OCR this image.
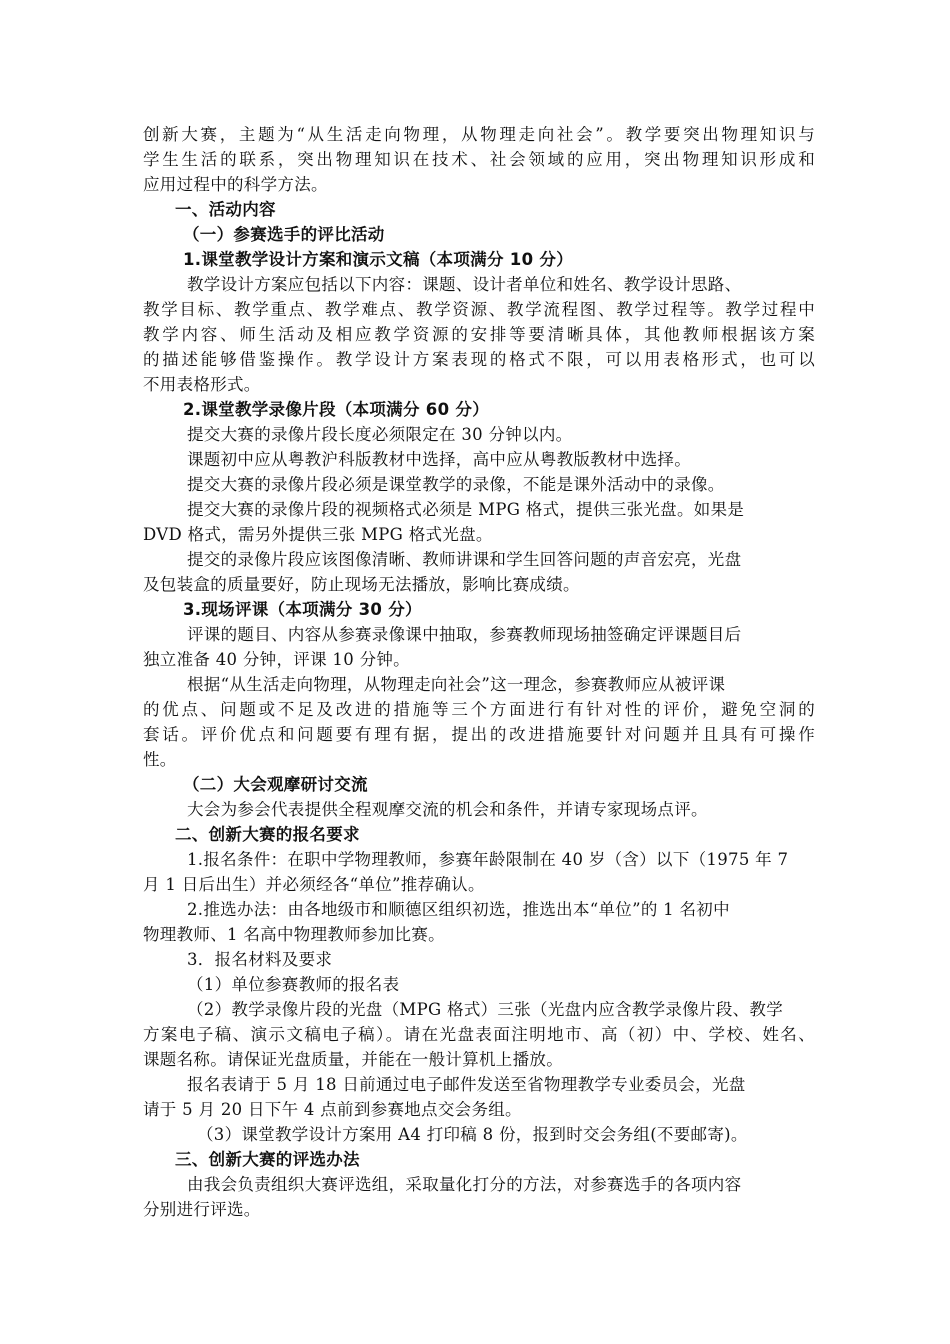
创新大赛，主题为“从生活走向物理，从物理走向社会”。教学要突出物理知识与

学生生活的联系，突出物理知识在技术、社会领域的应用，突出物理知识形成和

应用过程中的科学方法。

一、活动内容

（一）参赛选手的评比活动

1.课堂教学设计方案和演示文稿（本项满分 10 分）

教学设计方案应包括以下内容：课题、设计者单位和姓名、教学设计思路、

教学目标、教学重点、教学难点、教学资源、教学流程图、教学过程等。教学过程中

教学内容、师生活动及相应教学资源的安排等要清晰具体，其他教师根据该方案

的描述能够借鉴操作。教学设计方案表现的格式不限，可以用表格形式，也可以

不用表格形式。

2.课堂教学录像片段（本项满分 60 分）

提交大赛的录像片段长度必须限定在 30 分钟以内。

课题初中应从粤教沪科版教材中选择，高中应从粤教版教材中选择。

提交大赛的录像片段必须是课堂教学的录像，不能是课外活动中的录像。

提交大赛的录像片段的视频格式必须是 MPG 格式，提供三张光盘。如果是

DVD 格式，需另外提供三张 MPG 格式光盘。

提交的录像片段应该图像清晰、教师讲课和学生回答问题的声音宏亮，光盘

及包装盒的质量要好，防止现场无法播放，影响比赛成绩。

3.现场评课（本项满分 30 分）

评课的题目、内容从参赛录像课中抽取，参赛教师现场抽签确定评课题目后

独立准备 40 分钟，评课 10 分钟。

根据“从生活走向物理，从物理走向社会”这一理念，参赛教师应从被评课

的优点、问题或不足及改进的措施等三个方面进行有针对性的评价，避免空洞的

套话。评价优点和问题要有理有据，提出的改进措施要针对问题并且具有可操作

性。

（二）大会观摩研讨交流

大会为参会代表提供全程观摩交流的机会和条件，并请专家现场点评。

二、创新大赛的报名要求

1.报名条件：在职中学物理教师，参赛年龄限制在 40 岁（含）以下（1975 年 7

月 1 日后出生）并必须经各“单位”推荐确认。

2.推选办法：由各地级市和顺德区组织初选，推选出本“单位”的 1 名初中

物理教师、1 名高中物理教师参加比赛。

3．报名材料及要求

（1）单位参赛教师的报名表

（2）教学录像片段的光盘（MPG 格式）三张（光盘内应含教学录像片段、教学

方案电子稿、演示文稿电子稿）。请在光盘表面注明地市、高（初）中、学校、姓名、

课题名称。请保证光盘质量，并能在一般计算机上播放。

报名表请于 5 月 18 日前通过电子邮件发送至省物理教学专业委员会，光盘

请于 5 月 20 日下午 4 点前到参赛地点交会务组。

（3）课堂教学设计方案用 A4 打印稿 8 份，报到时交会务组(不要邮寄)。

三、创新大赛的评选办法

由我会负责组织大赛评选组，采取量化打分的方法，对参赛选手的各项内容

分别进行评选。
